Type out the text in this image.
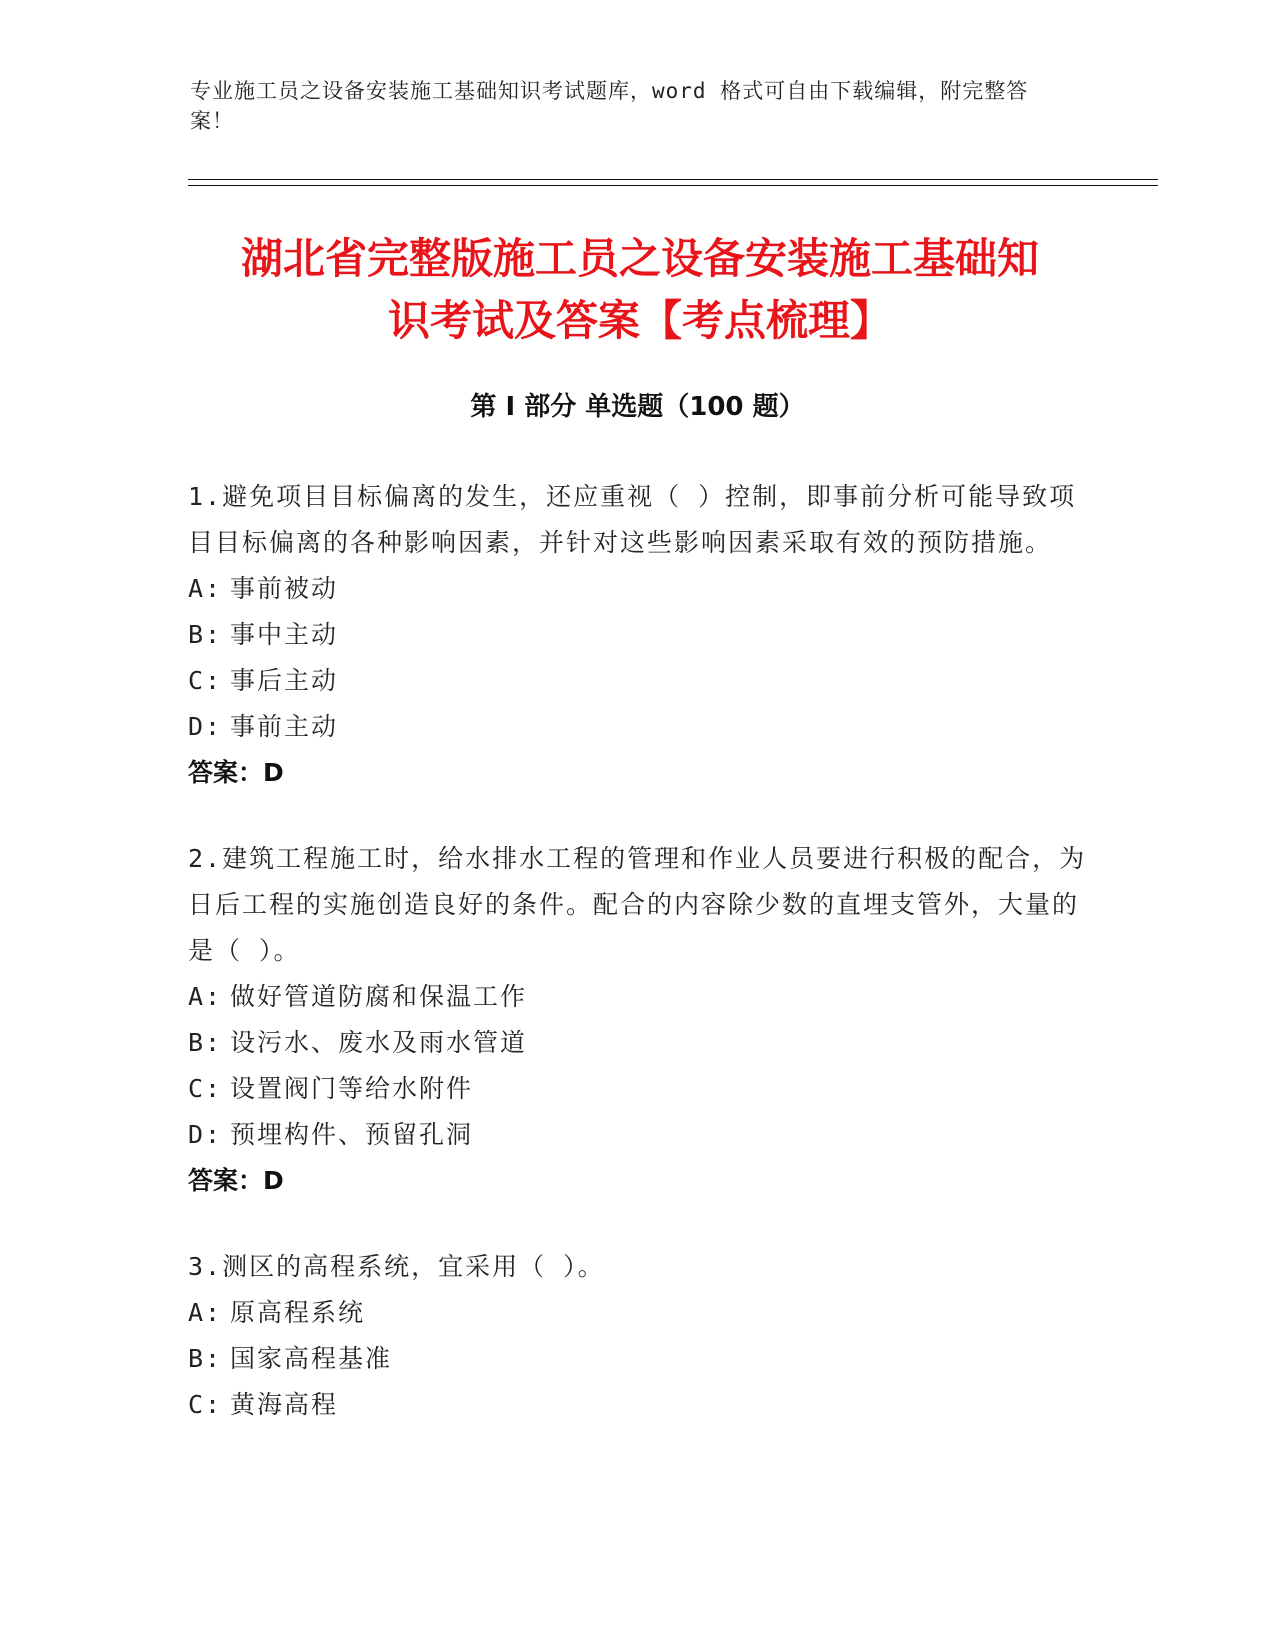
专业施工员之设备安装施工基础知识考试题库，word 格式可自由下载编辑，附完整答案！
湖北省完整版施工员之设备安装施工基础知
识考试及答案【考点梳理】
第 I 部分 单选题（100 题）

1.避免项目目标偏离的发生，还应重视（ ）控制，即事前分析可能导致项目目标偏离的各种影响因素，并针对这些影响因素采取有效的预防措施。

A: 事前被动
B: 事中主动
C: 事后主动
D: 事前主动
答案：D

2.建筑工程施工时，给水排水工程的管理和作业人员要进行积极的配合，为日后工程的实施创造良好的条件。配合的内容除少数的直埋支管外，大量的是（ ）。

A: 做好管道防腐和保温工作
B: 设污水、废水及雨水管道
C: 设置阀门等给水附件
D: 预埋构件、预留孔洞
答案：D

3.测区的高程系统，宜采用（ ）。

A: 原高程系统
B: 国家高程基准
C: 黄海高程
